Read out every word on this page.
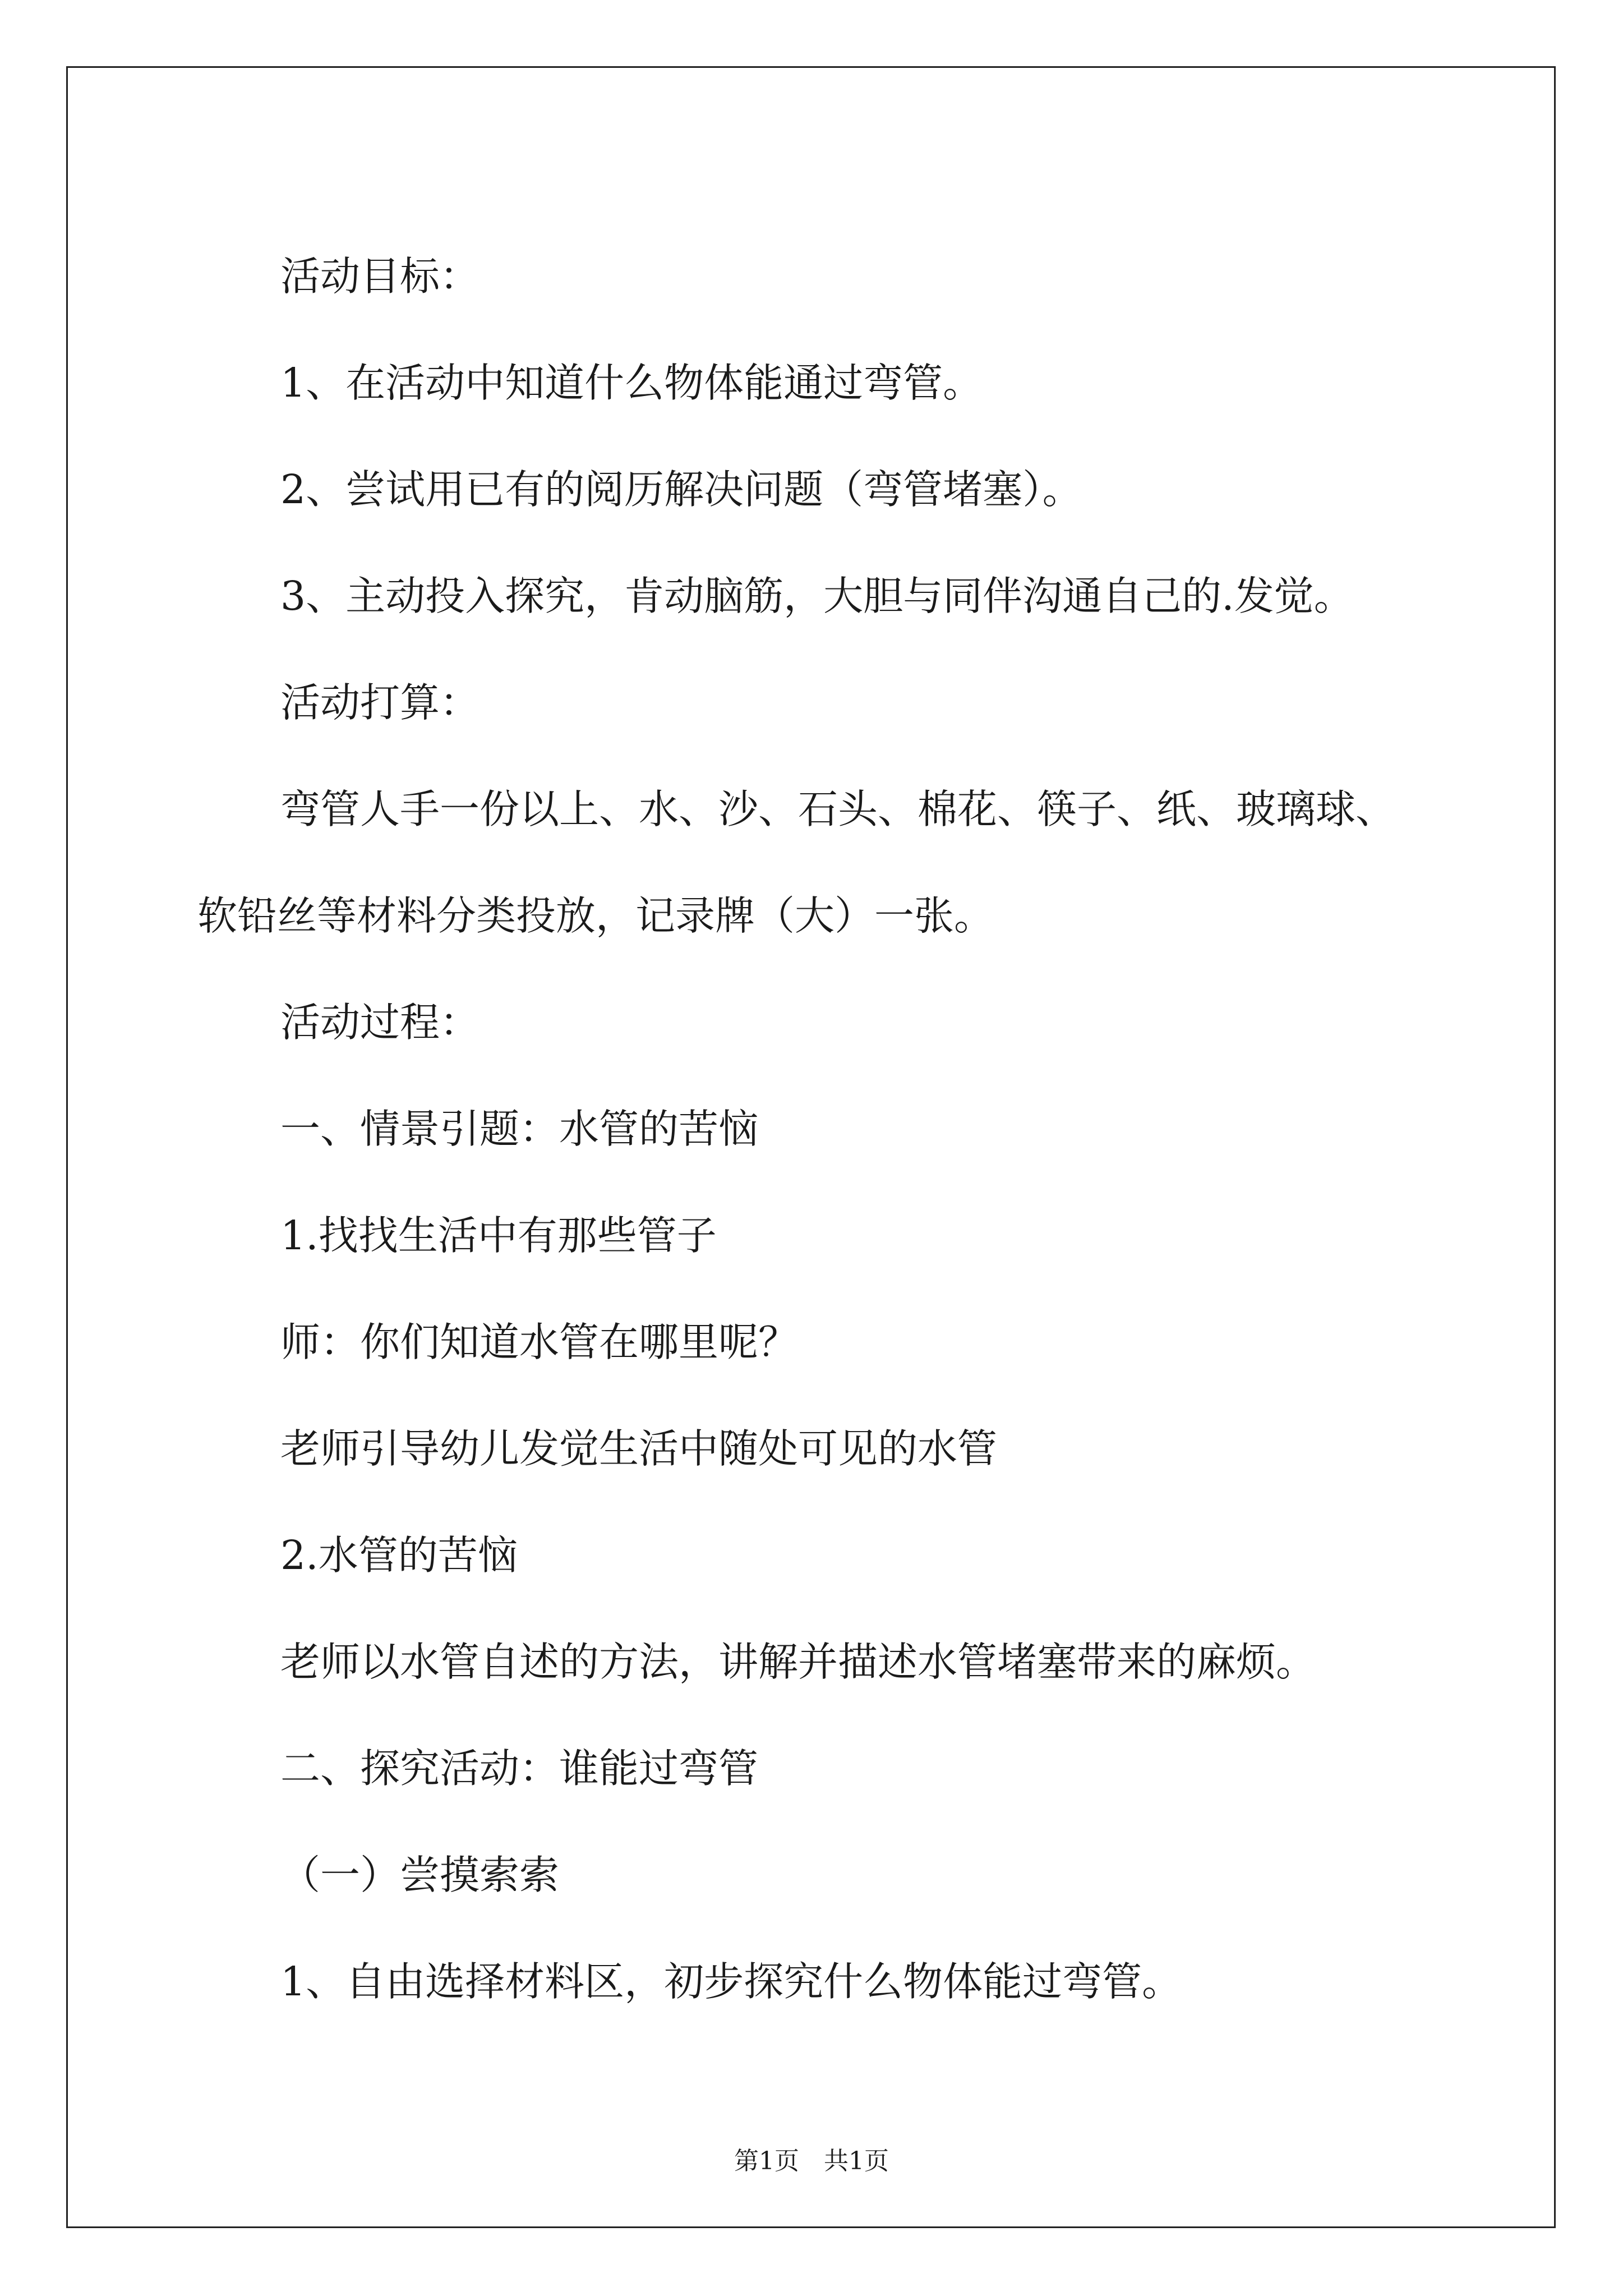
活动目标：

1、在活动中知道什么物体能通过弯管。

2、尝试用已有的阅历解决问题（弯管堵塞）。

3、主动投入探究，肯动脑筋，大胆与同伴沟通自己的.发觉。

活动打算：

弯管人手一份以上、水、沙、石头、棉花、筷子、纸、玻璃球、

软铅丝等材料分类投放，记录牌（大）一张。

活动过程：

一、情景引题：水管的苦恼

1.找找生活中有那些管子

师：你们知道水管在哪里呢？

老师引导幼儿发觉生活中随处可见的水管

2.水管的苦恼

老师以水管自述的方法，讲解并描述水管堵塞带来的麻烦。

二、探究活动：谁能过弯管

（一）尝摸索索

1、自由选择材料区，初步探究什么物体能过弯管。

第1页　共1页
